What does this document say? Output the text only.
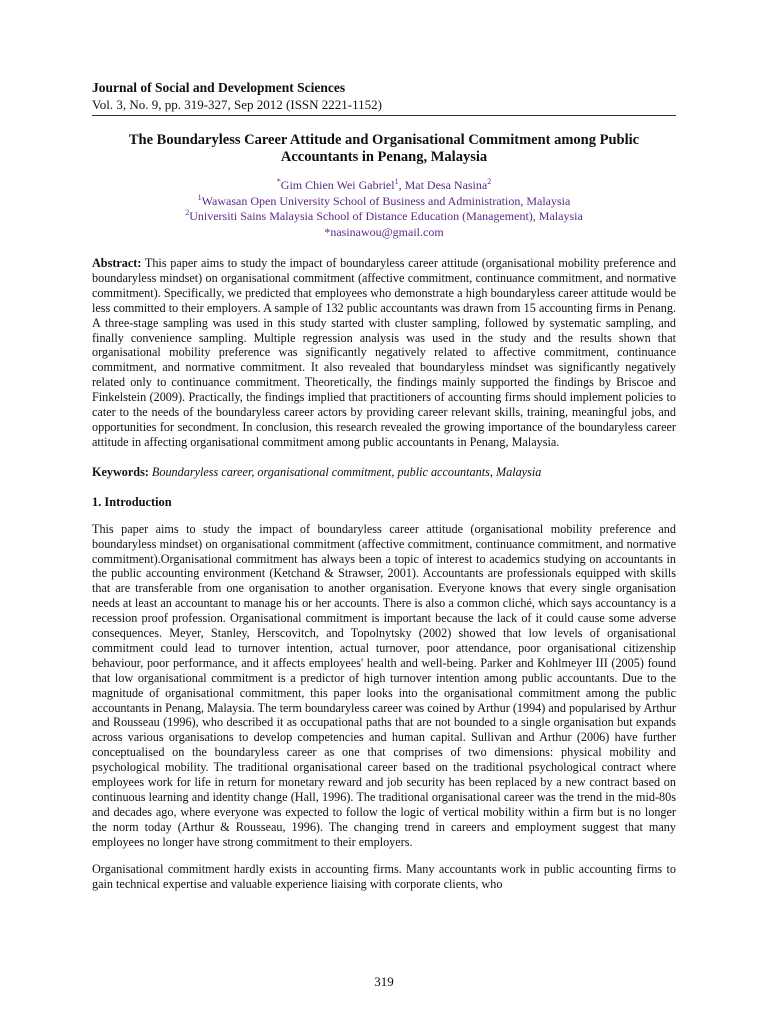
Journal of Social and Development Sciences

Vol. 3, No. 9, pp. 319-327, Sep 2012 (ISSN 2221-1152)

The Boundaryless Career Attitude and Organisational Commitment among Public Accountants in Penang, Malaysia
*Gim Chien Wei Gabriel$^1$, Mat Desa Nasina$^2$
$^1$Wawasan Open University School of Business and Administration, Malaysia
$^2$Universiti Sains Malaysia School of Distance Education (Management), Malaysia
*nasinawou@gmail.com

Abstract: This paper aims to study the impact of boundaryless career attitude (organisational mobility preference and boundaryless mindset) on organisational commitment (affective commitment, continuance commitment, and normative commitment). Specifically, we predicted that employees who demonstrate a high boundaryless career attitude would be less committed to their employers. A sample of 132 public accountants was drawn from 15 accounting firms in Penang. A three-stage sampling was used in this study started with cluster sampling, followed by systematic sampling, and finally convenience sampling. Multiple regression analysis was used in the study and the results shown that organisational mobility preference was significantly negatively related to affective commitment, continuance commitment, and normative commitment. It also revealed that boundaryless mindset was significantly negatively related only to continuance commitment. Theoretically, the findings mainly supported the findings by Briscoe and Finkelstein (2009). Practically, the findings implied that practitioners of accounting firms should implement policies to cater to the needs of the boundaryless career actors by providing career relevant skills, training, meaningful jobs, and opportunities for secondment. In conclusion, this research revealed the growing importance of the boundaryless career attitude in affecting organisational commitment among public accountants in Penang, Malaysia.

Keywords: Boundaryless career, organisational commitment, public accountants, Malaysia

1. Introduction

This paper aims to study the impact of boundaryless career attitude (organisational mobility preference and boundaryless mindset) on organisational commitment (affective commitment, continuance commitment, and normative commitment).Organisational commitment has always been a topic of interest to academics studying on accountants in the public accounting environment (Ketchand & Strawser, 2001). Accountants are professionals equipped with skills that are transferable from one organisation to another organisation. Everyone knows that every single organisation needs at least an accountant to manage his or her accounts. There is also a common cliché, which says accountancy is a recession proof profession. Organisational commitment is important because the lack of it could cause some adverse consequences. Meyer, Stanley, Herscovitch, and Topolnytsky (2002) showed that low levels of organisational commitment could lead to turnover intention, actual turnover, poor attendance, poor organisational citizenship behaviour, poor performance, and it affects employees' health and well-being. Parker and Kohlmeyer III (2005) found that low organisational commitment is a predictor of high turnover intention among public accountants. Due to the magnitude of organisational commitment, this paper looks into the organisational commitment among the public accountants in Penang, Malaysia. The term boundaryless career was coined by Arthur (1994) and popularised by Arthur and Rousseau (1996), who described it as occupational paths that are not bounded to a single organisation but expands across various organisations to develop competencies and human capital. Sullivan and Arthur (2006) have further conceptualised on the boundaryless career as one that comprises of two dimensions: physical mobility and psychological mobility. The traditional organisational career based on the traditional psychological contract where employees work for life in return for monetary reward and job security has been replaced by a new contract based on continuous learning and identity change (Hall, 1996). The traditional organisational career was the trend in the mid-80s and decades ago, where everyone was expected to follow the logic of vertical mobility within a firm but is no longer the norm today (Arthur & Rousseau, 1996). The changing trend in careers and employment suggest that many employees no longer have strong commitment to their employers.

Organisational commitment hardly exists in accounting firms. Many accountants work in public accounting firms to gain technical expertise and valuable experience liaising with corporate clients, who

319
